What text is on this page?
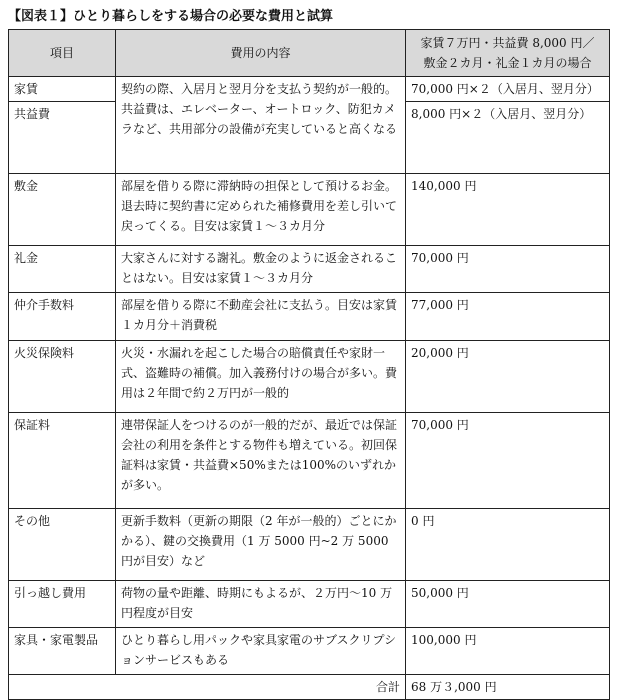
【図表１】ひとり暮らしをする場合の必要な費用と試算
項目	費用の内容	家賃７万円・共益費 8,000 円／
敷金２カ月・礼金１カ月の場合

家賃	契約の際、入居月と翌月分を支払う契約が一般的。共益費は、エレベーター、オートロック、防犯カメラなど、共用部分の設備が充実していると高くなる	70,000 円×２（入居月、翌月分）
共益費		8,000 円×２（入居月、翌月分）
敷金	部屋を借りる際に滞納時の担保として預けるお金。退去時に契約書に定められた補修費用を差し引いて戻ってくる。目安は家賃１～３カ月分	140,000 円
礼金	大家さんに対する謝礼。敷金のように返金されることはない。目安は家賃１～３カ月分	70,000 円
仲介手数料	部屋を借りる際に不動産会社に支払う。目安は家賃１カ月分＋消費税	77,000 円
火災保険料	火災・水漏れを起こした場合の賠償責任や家財一式、盗難時の補償。加入義務付けの場合が多い。費用は２年間で約２万円が一般的	20,000 円
保証料	連帯保証人をつけるのが一般的だが、最近では保証会社の利用を条件とする物件も増えている。初回保証料は家賃・共益費×50%または100%のいずれかが多い。	70,000 円
その他	更新手数料（更新の期限（2 年が一般的）ごとにかかる）、鍵の交換費用（1 万 5000 円~2 万 5000 円が目安）など	0 円
引っ越し費用	荷物の量や距離、時期にもよるが、２万円～10 万円程度が目安	50,000 円
家具・家電製品	ひとり暮らし用パックや家具家電のサブスクリプションサービスもある	100,000 円
合計		68 万３,000 円
